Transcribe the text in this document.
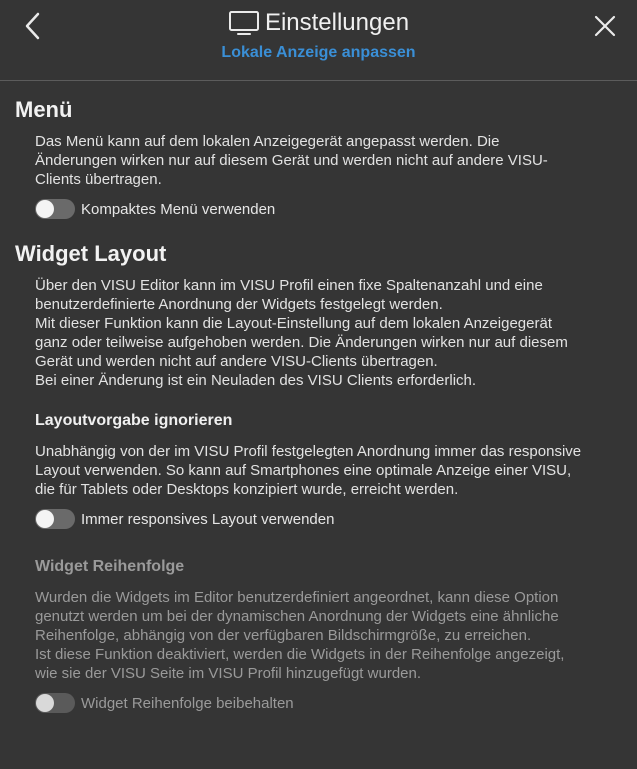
Einstellungen
Lokale Anzeige anpassen
Menü
Das Menü kann auf dem lokalen Anzeigegerät angepasst werden. Die
Änderungen wirken nur auf diesem Gerät und werden nicht auf andere VISU-
Clients übertragen.
Kompaktes Menü verwenden
Widget Layout
Über den VISU Editor kann im VISU Profil einen fixe Spaltenanzahl und eine
benutzerdefinierte Anordnung der Widgets festgelegt werden.
Mit dieser Funktion kann die Layout-Einstellung auf dem lokalen Anzeigegerät
ganz oder teilweise aufgehoben werden. Die Änderungen wirken nur auf diesem
Gerät und werden nicht auf andere VISU-Clients übertragen.
Bei einer Änderung ist ein Neuladen des VISU Clients erforderlich.
Layoutvorgabe ignorieren
Unabhängig von der im VISU Profil festgelegten Anordnung immer das responsive
Layout verwenden. So kann auf Smartphones eine optimale Anzeige einer VISU,
die für Tablets oder Desktops konzipiert wurde, erreicht werden.
Immer responsives Layout verwenden
Widget Reihenfolge
Wurden die Widgets im Editor benutzerdefiniert angeordnet, kann diese Option
genutzt werden um bei der dynamischen Anordnung der Widgets eine ähnliche
Reihenfolge, abhängig von der verfügbaren Bildschirmgröße, zu erreichen.
Ist diese Funktion deaktiviert, werden die Widgets in der Reihenfolge angezeigt,
wie sie der VISU Seite im VISU Profil hinzugefügt wurden.
Widget Reihenfolge beibehalten
